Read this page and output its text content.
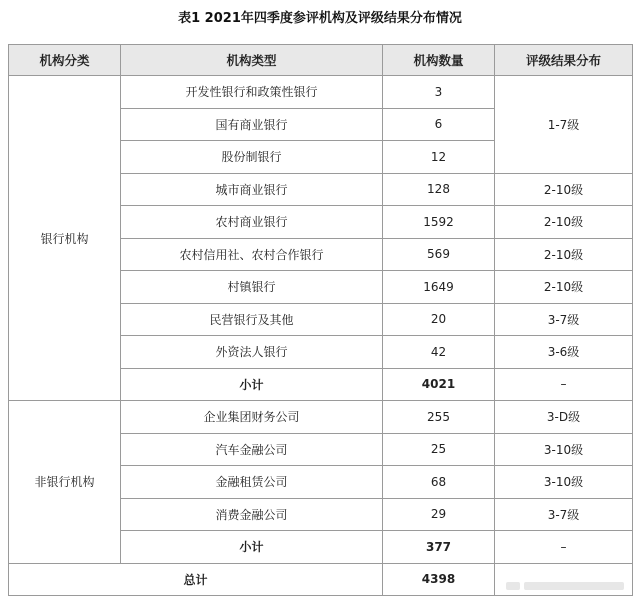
表1 2021年四季度参评机构及评级结果分布情况
机构分类	机构类型	机构数量	评级结果分布
银行机构	开发性银行和政策性银行	3	1-7级
	国有商业银行	6	
	股份制银行	12	
	城市商业银行	128	2-10级
	农村商业银行	1592	2-10级
	农村信用社、农村合作银行	569	2-10级
	村镇银行	1649	2-10级
	民营银行及其他	20	3-7级
	外资法人银行	42	3-6级
	小计	4021	–
非银行机构	企业集团财务公司	255	3-D级
	汽车金融公司	25	3-10级
	金融租赁公司	68	3-10级
	消费金融公司	29	3-7级
	小计	377	–
总计		4398	
